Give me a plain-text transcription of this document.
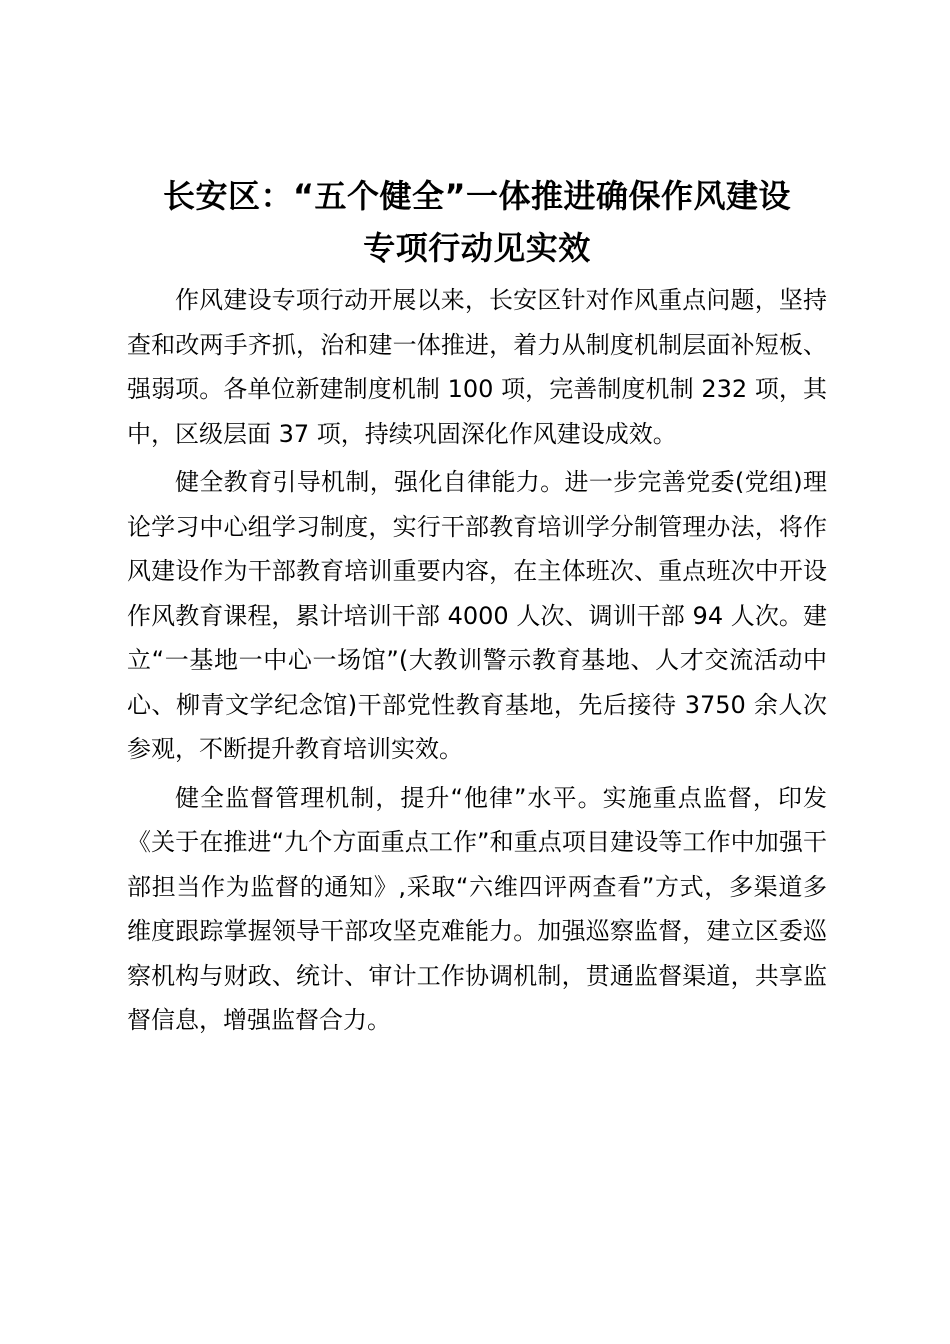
长安区：“五个健全”一体推进确保作风建设
专项行动见实效

作风建设专项行动开展以来，长安区针对作风重点问题，坚持查和改两手齐抓，治和建一体推进，着力从制度机制层面补短板、强弱项。各单位新建制度机制 100 项，完善制度机制 232 项，其中，区级层面 37 项，持续巩固深化作风建设成效。

健全教育引导机制，强化自律能力。进一步完善党委(党组)理论学习中心组学习制度，实行干部教育培训学分制管理办法，将作风建设作为干部教育培训重要内容，在主体班次、重点班次中开设作风教育课程，累计培训干部 4000 人次、调训干部 94 人次。建立“一基地一中心一场馆”(大教训警示教育基地、人才交流活动中心、柳青文学纪念馆)干部党性教育基地，先后接待 3750 余人次参观，不断提升教育培训实效。

健全监督管理机制，提升“他律”水平。实施重点监督，印发《关于在推进“九个方面重点工作”和重点项目建设等工作中加强干部担当作为监督的通知》,采取“六维四评两查看”方式，多渠道多维度跟踪掌握领导干部攻坚克难能力。加强巡察监督，建立区委巡察机构与财政、统计、审计工作协调机制，贯通监督渠道，共享监督信息，增强监督合力。
